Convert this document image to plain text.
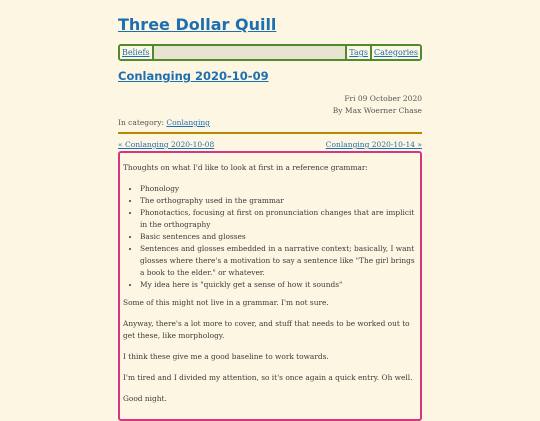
Three Dollar Quill
Beliefs	Tags Categories
Conlanging 2020-10-09
Fri 09 October 2020
By Max Woerner Chase
In category: Conlanging
« Conlanging 2020-10-08	Conlanging 2020-10-14 »

Thoughts on what I'd like to look at first in a reference grammar:

• Phonology
• The orthography used in the grammar
• Phonotactics, focusing at first on pronunciation changes that are implicit in the orthography
• Basic sentences and glosses
• Sentences and glosses embedded in a narrative context; basically, I want glosses where there's a motivation to say a sentence like "The girl brings a book to the elder." or whatever.
• My idea here is "quickly get a sense of how it sounds"

Some of this might not live in a grammar. I'm not sure.

Anyway, there's a lot more to cover, and stuff that needs to be worked out to get these, like morphology.

I think these give me a good baseline to work towards.

I'm tired and I divided my attention, so it's once again a quick entry. Oh well.

Good night.
